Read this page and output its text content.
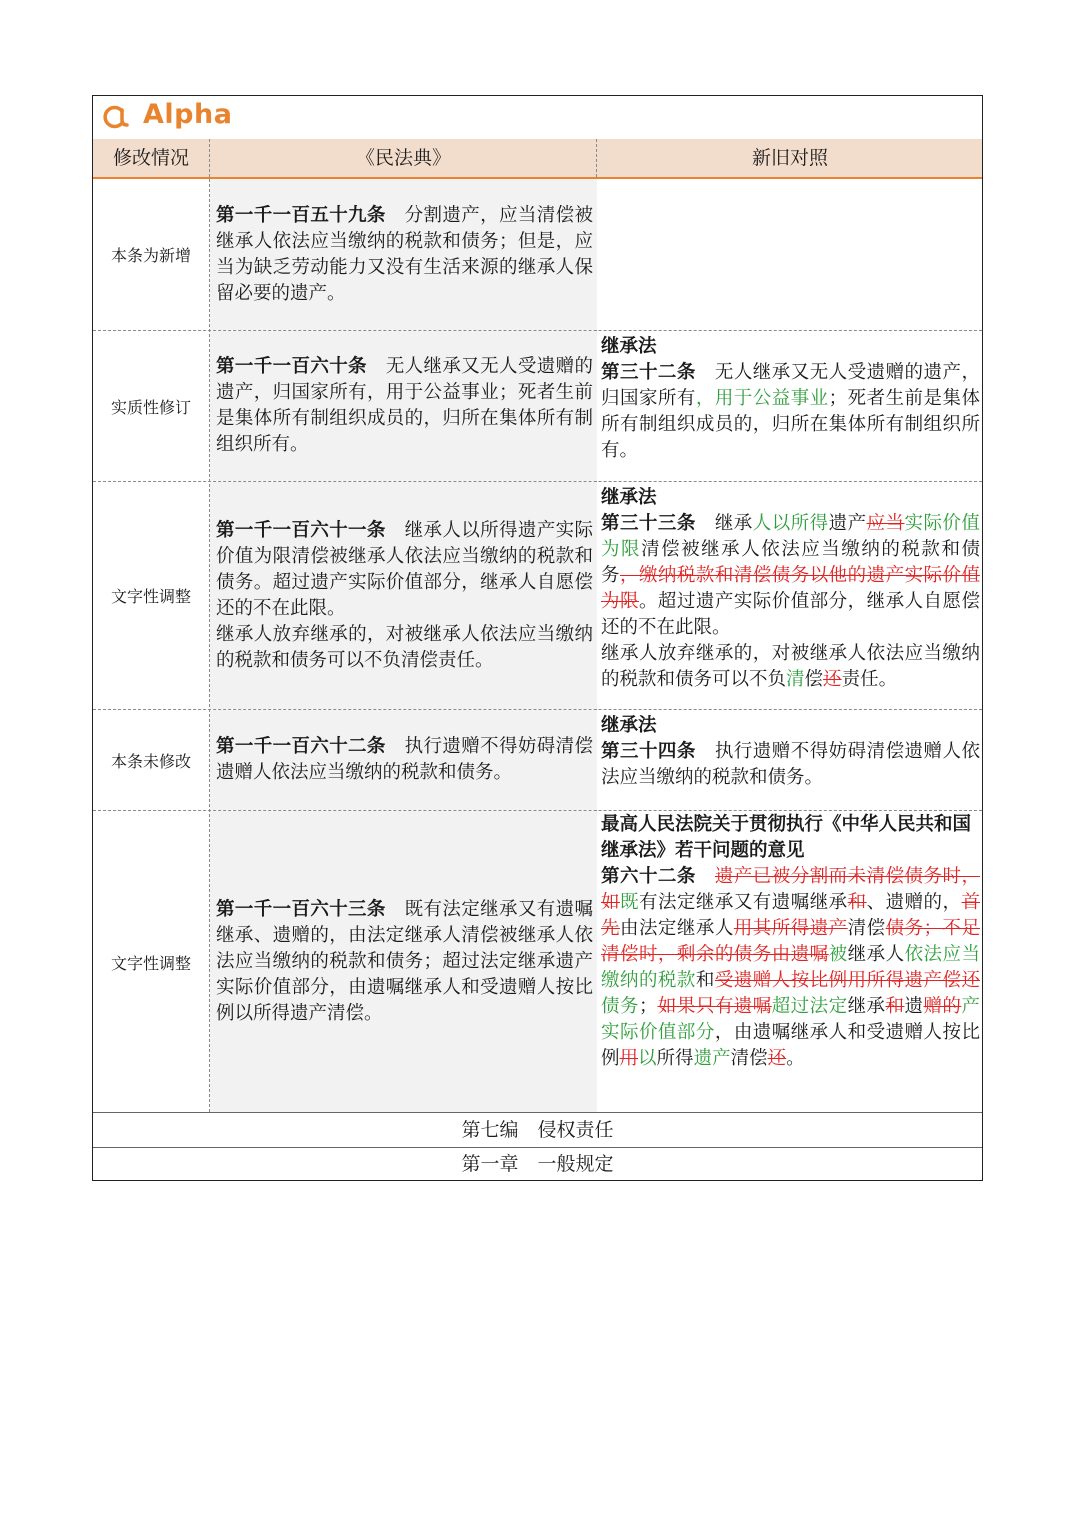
Alpha
修改情况	《民法典》	新旧对照
本条为新增
第一千一百五十九条　 分割遗产，应当清偿被继承人依法应当缴纳的税款和债务；但是，应当为缺乏劳动能力又没有生活来源的继承人保留必要的遗产。
实质性修订
第一千一百六十条　 无人继承又无人受遗赠的遗产，归国家所有，用于公益事业；死者生前是集体所有制组织成员的，归所在集体所有制组织所有。
继承法
第三十二条　 无人继承又无人受遗赠的遗产，归国家所有，用于公益事业；死者生前是集体所有制组织成员的，归所在集体所有制组织所有。
文字性调整
第一千一百六十一条　 继承人以所得遗产实际价值为限清偿被继承人依法应当缴纳的税款和债务。超过遗产实际价值部分，继承人自愿偿还的不在此限。
继承人放弃继承的，对被继承人依法应当缴纳的税款和债务可以不负清偿责任。
继承法
第三十三条　 继承人以所得遗产应当实际价值为限清偿被继承人依法应当缴纳的税款和债务，缴纳税款和清偿债务以他的遗产实际价值为限。超过遗产实际价值部分，继承人自愿偿还的不在此限。
继承人放弃继承的，对被继承人依法应当缴纳的税款和债务可以不负清偿还责任。
本条未修改
第一千一百六十二条　 执行遗赠不得妨碍清偿遗赠人依法应当缴纳的税款和债务。
继承法
第三十四条　 执行遗赠不得妨碍清偿遗赠人依法应当缴纳的税款和债务。
文字性调整
第一千一百六十三条　 既有法定继承又有遗嘱继承、遗赠的，由法定继承人清偿被继承人依法应当缴纳的税款和债务；超过法定继承遗产实际价值部分，由遗嘱继承人和受遗赠人按比例以所得遗产清偿。
最高人民法院关于贯彻执行《中华人民共和国继承法》若干问题的意见
第六十二条　 遗产已被分割而未清偿债务时，如既有法定继承又有遗嘱继承和、遗赠的，首先由法定继承人用其所得遗产清偿债务；不足清偿时，剩余的债务由遗嘱被继承人依法应当缴纳的税款和受遗赠人按比例用所得遗产偿还债务；如果只有遗嘱超过法定继承和遗赠的产实际价值部分，由遗嘱继承人和受遗赠人按比例用以所得遗产清偿还。
第七编　侵权责任
第一章　一般规定
